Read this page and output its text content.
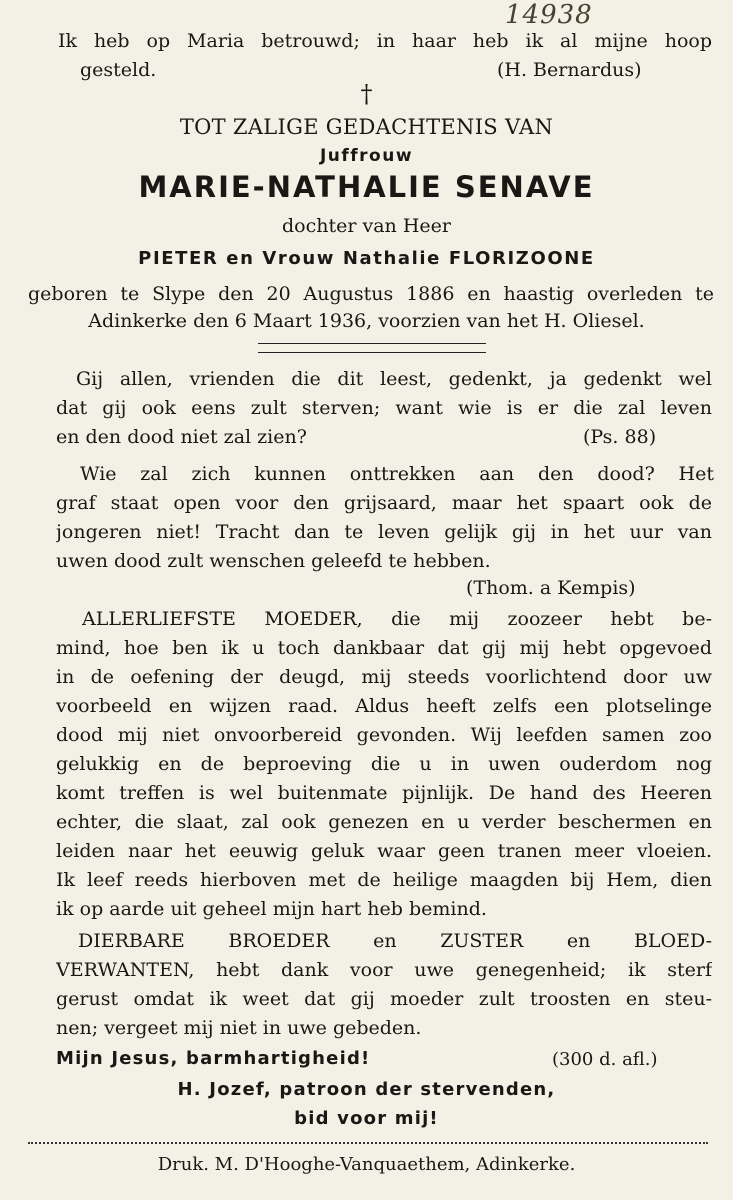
14938
Ik heb op Maria betrouwd; in haar heb ik al mijne hoop
gesteld.	(H. Bernardus)
†
TOT ZALIGE GEDACHTENIS VAN
Juffrouw
MARIE-NATHALIE SENAVE
dochter van Heer
PIETER en Vrouw Nathalie FLORIZOONE
geboren te Slype den 20 Augustus 1886 en haastig overleden te
Adinkerke den 6 Maart 1936, voorzien van het H. Oliesel.
Gij allen, vrienden die dit leest, gedenkt, ja gedenkt wel
dat gij ook eens zult sterven; want wie is er die zal leven
en den dood niet zal zien?	(Ps. 88)
Wie zal zich kunnen onttrekken aan den dood? Het
graf staat open voor den grijsaard, maar het spaart ook de
jongeren niet! Tracht dan te leven gelijk gij in het uur van
uwen dood zult wenschen geleefd te hebben.
(Thom. a Kempis)
ALLERLIEFSTE MOEDER, die mij zoozeer hebt be-
mind, hoe ben ik u toch dankbaar dat gij mij hebt opgevoed
in de oefening der deugd, mij steeds voorlichtend door uw
voorbeeld en wijzen raad. Aldus heeft zelfs een plotselinge
dood mij niet onvoorbereid gevonden. Wij leefden samen zoo
gelukkig en de beproeving die u in uwen ouderdom nog
komt treffen is wel buitenmate pijnlijk. De hand des Heeren
echter, die slaat, zal ook genezen en u verder beschermen en
leiden naar het eeuwig geluk waar geen tranen meer vloeien.
Ik leef reeds hierboven met de heilige maagden bij Hem, dien
ik op aarde uit geheel mijn hart heb bemind.
DIERBARE BROEDER en ZUSTER en BLOED-
VERWANTEN, hebt dank voor uwe genegenheid; ik sterf
gerust omdat ik weet dat gij moeder zult troosten en steu-
nen; vergeet mij niet in uwe gebeden.
Mijn Jesus, barmhartigheid!	(300 d. afl.)
H. Jozef, patroon der stervenden,
bid voor mij!
Druk. M. D'Hooghe-Vanquaethem, Adinkerke.
